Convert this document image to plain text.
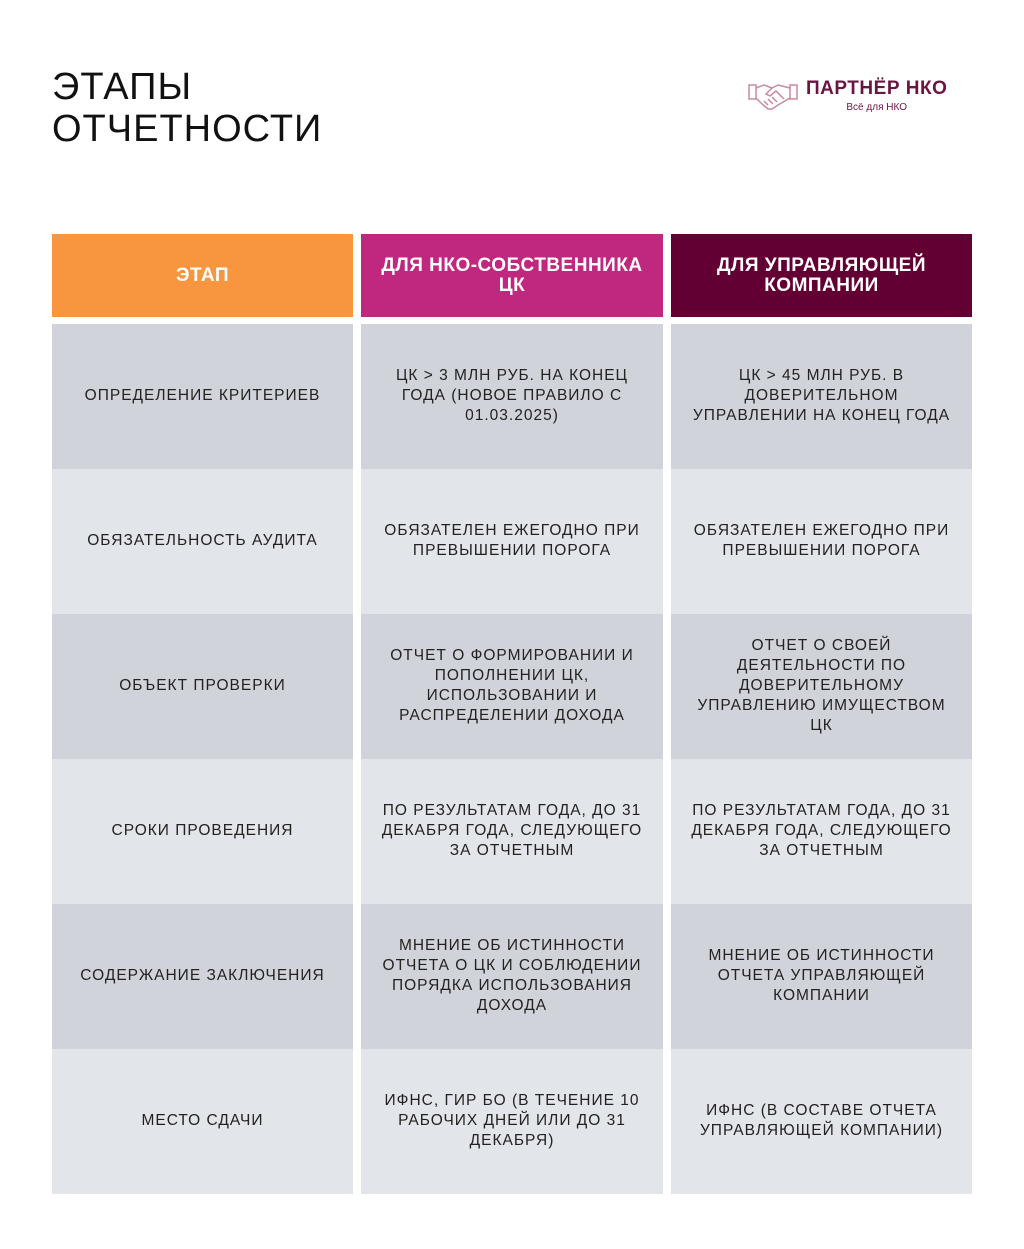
ЭТАПЫ
ОТЧЕТНОСТИ
ПАРТНЁР НКО
Всё для НКО
ЭТАП	ДЛЯ НКО-СОБСТВЕННИКА ЦК
ДЛЯ УПРАВЛЯЮЩЕЙ КОМПАНИИ
ОПРЕДЕЛЕНИЕ КРИТЕРИЕВ
ЦК > 3 МЛН РУБ. НА КОНЕЦ ГОДА (НОВОЕ ПРАВИЛО С 01.03.2025)
ЦК > 45 МЛН РУБ. В ДОВЕРИТЕЛЬНОМ УПРАВЛЕНИИ НА КОНЕЦ ГОДА
ОБЯЗАТЕЛЬНОСТЬ АУДИТА
ОБЯЗАТЕЛЕН ЕЖЕГОДНО ПРИ ПРЕВЫШЕНИИ ПОРОГА
ОБЯЗАТЕЛЕН ЕЖЕГОДНО ПРИ ПРЕВЫШЕНИИ ПОРОГА
ОБЪЕКТ ПРОВЕРКИ
ОТЧЕТ О ФОРМИРОВАНИИ И ПОПОЛНЕНИИ ЦК, ИСПОЛЬЗОВАНИИ И РАСПРЕДЕЛЕНИИ ДОХОДА
ОТЧЕТ О СВОЕЙ ДЕЯТЕЛЬНОСТИ ПО ДОВЕРИТЕЛЬНОМУ УПРАВЛЕНИЮ ИМУЩЕСТВОМ ЦК
СРОКИ ПРОВЕДЕНИЯ
ПО РЕЗУЛЬТАТАМ ГОДА, ДО 31 ДЕКАБРЯ ГОДА, СЛЕДУЮЩЕГО ЗА ОТЧЕТНЫМ
ПО РЕЗУЛЬТАТАМ ГОДА, ДО 31 ДЕКАБРЯ ГОДА, СЛЕДУЮЩЕГО ЗА ОТЧЕТНЫМ
СОДЕРЖАНИЕ ЗАКЛЮЧЕНИЯ
МНЕНИЕ ОБ ИСТИННОСТИ ОТЧЕТА О ЦК И СОБЛЮДЕНИИ ПОРЯДКА ИСПОЛЬЗОВАНИЯ ДОХОДА
МНЕНИЕ ОБ ИСТИННОСТИ ОТЧЕТА УПРАВЛЯЮЩЕЙ КОМПАНИИ
МЕСТО СДАЧИ
ИФНС, ГИР БО (В ТЕЧЕНИЕ 10 РАБОЧИХ ДНЕЙ ИЛИ ДО 31 ДЕКАБРЯ)
ИФНС (В СОСТАВЕ ОТЧЕТА УПРАВЛЯЮЩЕЙ КОМПАНИИ)
